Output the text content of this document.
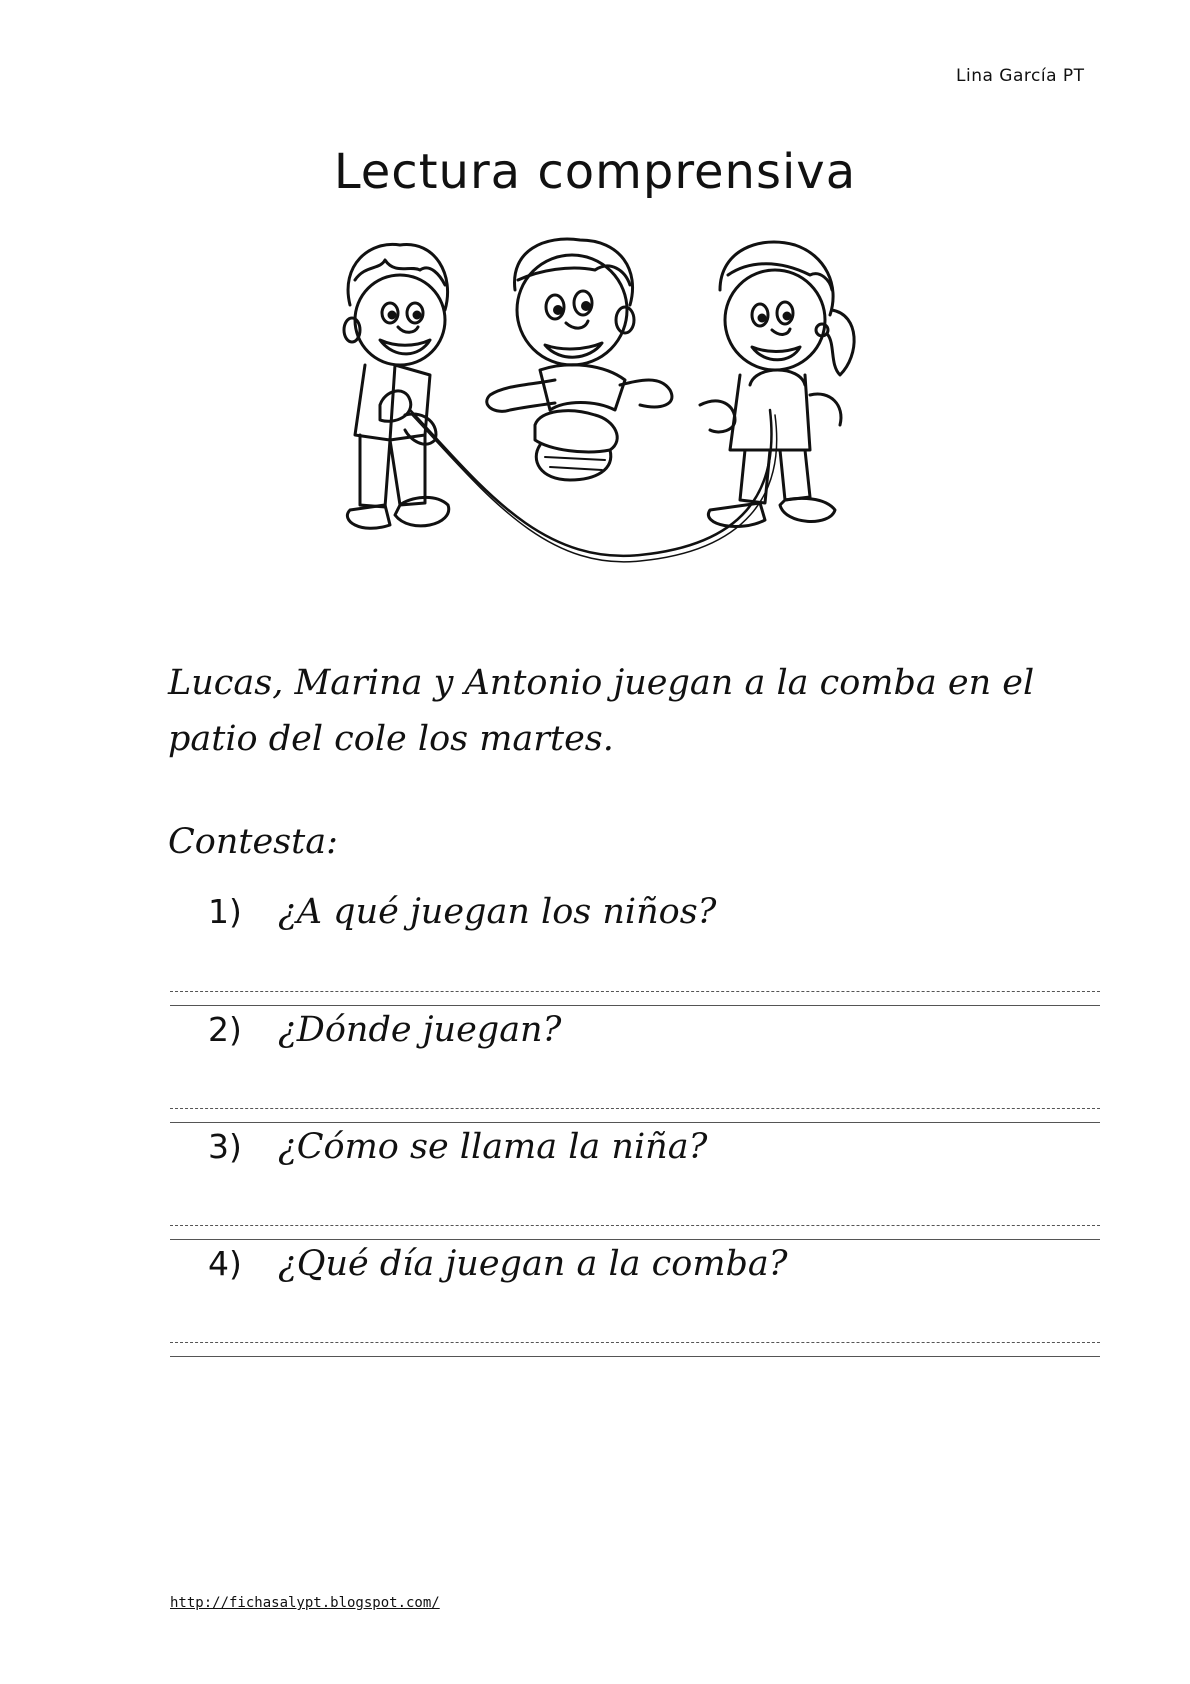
Lina García PT
Lectura comprensiva
Lucas, Marina y Antonio juegan a la comba en el patio del cole los martes.
Contesta:
1) ¿A qué juegan los niños?
2) ¿Dónde juegan?
3) ¿Cómo se llama la niña?
4) ¿Qué día juegan a la comba?
http://fichasalypt.blogspot.com/
